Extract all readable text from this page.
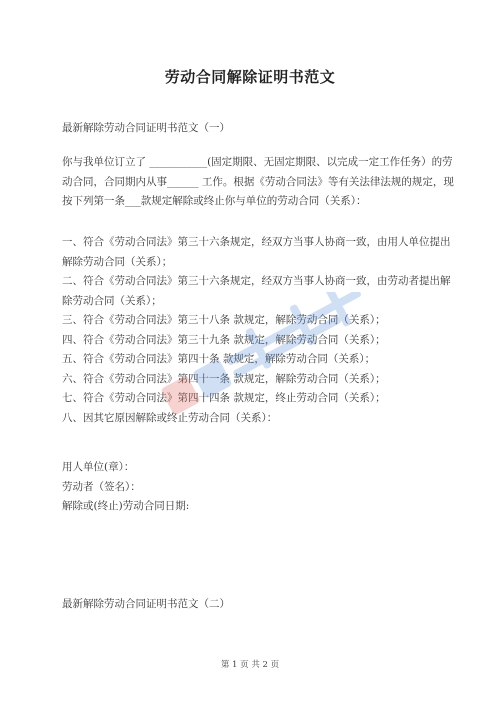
劳动合同解除证明书范文
最新解除劳动合同证明书范文（一）
你与我单位订立了 ___________(固定期限、无固定期限、以完成一定工作任务）的劳
动合同，合同期内从事______ 工作。根据《劳动合同法》等有关法律法规的规定，现
按下列第一条___款规定解除或终止你与单位的劳动合同（关系）：
一、符合《劳动合同法》第三十六条规定，经双方当事人协商一致，由用人单位提出
解除劳动合同（关系）；
二、符合《劳动合同法》第三十六条规定，经双方当事人协商一致，由劳动者提出解
除劳动合同（关系）；
三、符合《劳动合同法》第三十八条 款规定，解除劳动合同（关系）；
四、符合《劳动合同法》第三十九条 款规定，解除劳动合同（关系）；
五、符合《劳动合同法》第四十条 款规定，解除劳动合同（关系）；
六、符合《劳动合同法》第四十一条 款规定，解除劳动合同（关系）；
七、符合《劳动合同法》第四十四条 款规定，终止劳动合同（关系）；
八、因其它原因解除或终止劳动合同（关系）：
用人单位(章）：
劳动者（签名）：
解除或(终止)劳动合同日期:
最新解除劳动合同证明书范文（二）
第 1 页 共 2 页
